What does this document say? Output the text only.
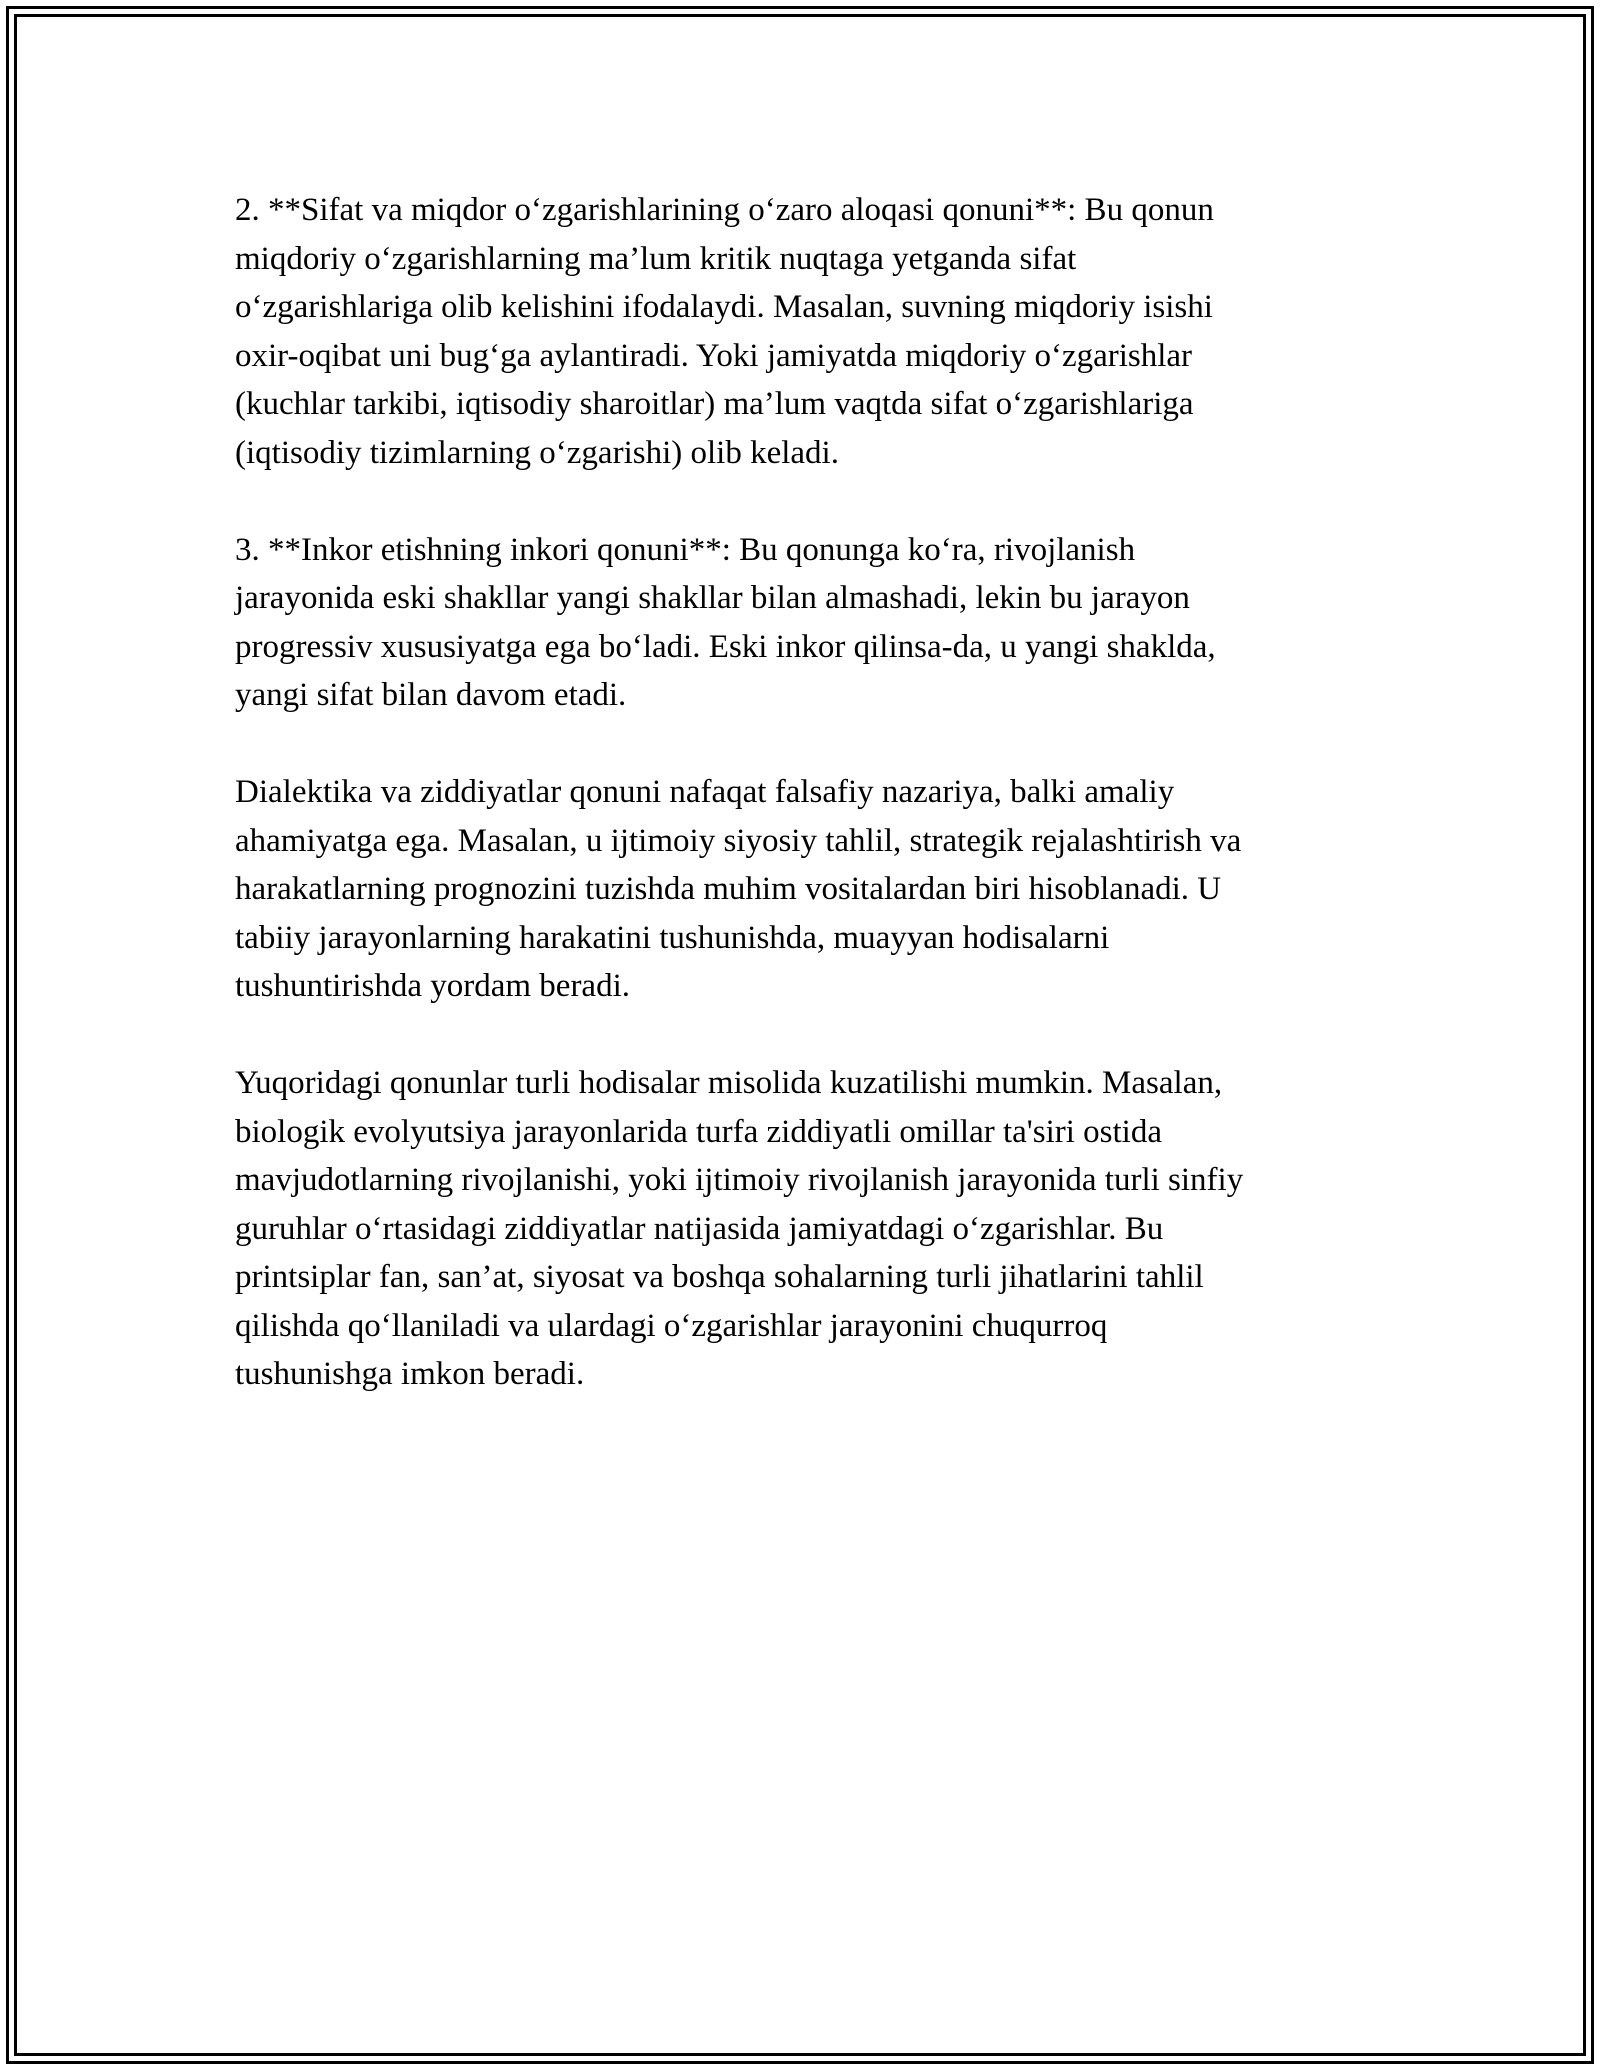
2. **Sifat va miqdor o‘zgarishlarining o‘zaro aloqasi qonuni**: Bu qonun
miqdoriy o‘zgarishlarning ma’lum kritik nuqtaga yetganda sifat
o‘zgarishlariga olib kelishini ifodalaydi. Masalan, suvning miqdoriy isishi
oxir-oqibat uni bug‘ga aylantiradi. Yoki jamiyatda miqdoriy o‘zgarishlar
(kuchlar tarkibi, iqtisodiy sharoitlar) ma’lum vaqtda sifat o‘zgarishlariga
(iqtisodiy tizimlarning o‘zgarishi) olib keladi.

3. **Inkor etishning inkori qonuni**: Bu qonunga ko‘ra, rivojlanish
jarayonida eski shakllar yangi shakllar bilan almashadi, lekin bu jarayon
progressiv xususiyatga ega bo‘ladi. Eski inkor qilinsa-da, u yangi shaklda,
yangi sifat bilan davom etadi.

Dialektika va ziddiyatlar qonuni nafaqat falsafiy nazariya, balki amaliy
ahamiyatga ega. Masalan, u ijtimoiy siyosiy tahlil, strategik rejalashtirish va
harakatlarning prognozini tuzishda muhim vositalardan biri hisoblanadi. U
tabiiy jarayonlarning harakatini tushunishda, muayyan hodisalarni
tushuntirishda yordam beradi.

Yuqoridagi qonunlar turli hodisalar misolida kuzatilishi mumkin. Masalan,
biologik evolyutsiya jarayonlarida turfa ziddiyatli omillar ta'siri ostida
mavjudotlarning rivojlanishi, yoki ijtimoiy rivojlanish jarayonida turli sinfiy
guruhlar o‘rtasidagi ziddiyatlar natijasida jamiyatdagi o‘zgarishlar. Bu
printsiplar fan, san’at, siyosat va boshqa sohalarning turli jihatlarini tahlil
qilishda qo‘llaniladi va ulardagi o‘zgarishlar jarayonini chuqurroq
tushunishga imkon beradi.
